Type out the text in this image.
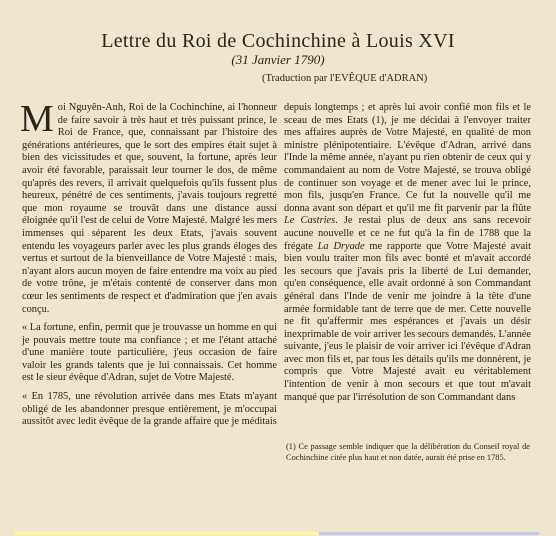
Lettre du Roi de Cochinchine à Louis XVI
(31 Janvier 1790)
(Traduction par l'EVÊQUE d'ADRAN)

Moi Nguyên-Anh, Roi de la Cochinchine, ai l'honneur de faire savoir à très haut et très puissant prince, le Roi de France, que, connaissant par l'histoire des générations antérieures, que le sort des empires était sujet à bien des vicissitudes et que, souvent, la fortune, après leur avoir été favorable, paraissait leur tourner le dos, de même qu'après des revers, il arrivait quelquefois qu'ils fussent plus heureux, pénétré de ces sentiments, j'avais toujours regretté que mon royaume se trouvât dans une distance aussi éloignée qu'il l'est de celui de Votre Majesté. Malgré les mers immenses qui séparent les deux Etats, j'avais souvent entendu les voyageurs parler avec les plus grands éloges des vertus et surtout de la bienveillance de Votre Majesté : mais, n'ayant alors aucun moyen de faire entendre ma voix au pied de votre trône, je m'étais contenté de conserver dans mon cœur les sentiments de respect et d'admiration que j'en avais conçu.

« La fortune, enfin, permit que je trouvasse un homme en qui je pouvais mettre toute ma confiance ; et me l'étant attaché d'une manière toute particulière, j'eus occasion de faire valoir les grands talents que je lui connaissais. Cet homme est le sieur évêque d'Adran, sujet de Votre Majesté.

« En 1785, une révolution arrivée dans mes Etats m'ayant obligé de les abandonner presque entièrement, je m'occupai aussitôt avec ledit évêque de la grande affaire que je méditais

depuis longtemps ; et après lui avoir confié mon fils et le sceau de mes Etats (1), je me décidai à l'envoyer traiter mes affaires auprès de Votre Majesté, en qualité de mon ministre plénipotentiaire. L'évêque d'Adran, arrivé dans l'Inde la même année, n'ayant pu rien obtenir de ceux qui y commandaient au nom de Votre Majesté, se trouva obligé de continuer son voyage et de mener avec lui le prince, mon fils, jusqu'en France. Ce fut la nouvelle qu'il me donna avant son départ et qu'il me fit parvenir par la flûte Le Castries. Je restai plus de deux ans sans recevoir aucune nouvelle et ce ne fut qu'à la fin de 1788 que la frégate La Dryade me rapporte que Votre Majesté avait bien voulu traiter mon fils avec bonté et m'avait accordé les secours que j'avais pris la liberté de Lui demander, qu'en conséquence, elle avait ordonné à son Commandant général dans l'Inde de venir me joindre à la tête d'une armée formidable tant de terre que de mer. Cette nouvelle ne fit qu'affermir mes espérances et j'avais un désir inexprimable de voir arriver les secours demandés. L'année suivante, j'eus le plaisir de voir arriver ici l'évêque d'Adran avec mon fils et, par tous les détails qu'ils me donnèrent, je compris que Votre Majesté avait eu véritablement l'intention de venir à mon secours et que tout m'avait manqué que par l'irrésolution de son Commandant dans

(1) Ce passage semble indiquer que la délibération du Conseil royal de Cochinchine citée plus haut et non datée, aurait été prise en 1785.
